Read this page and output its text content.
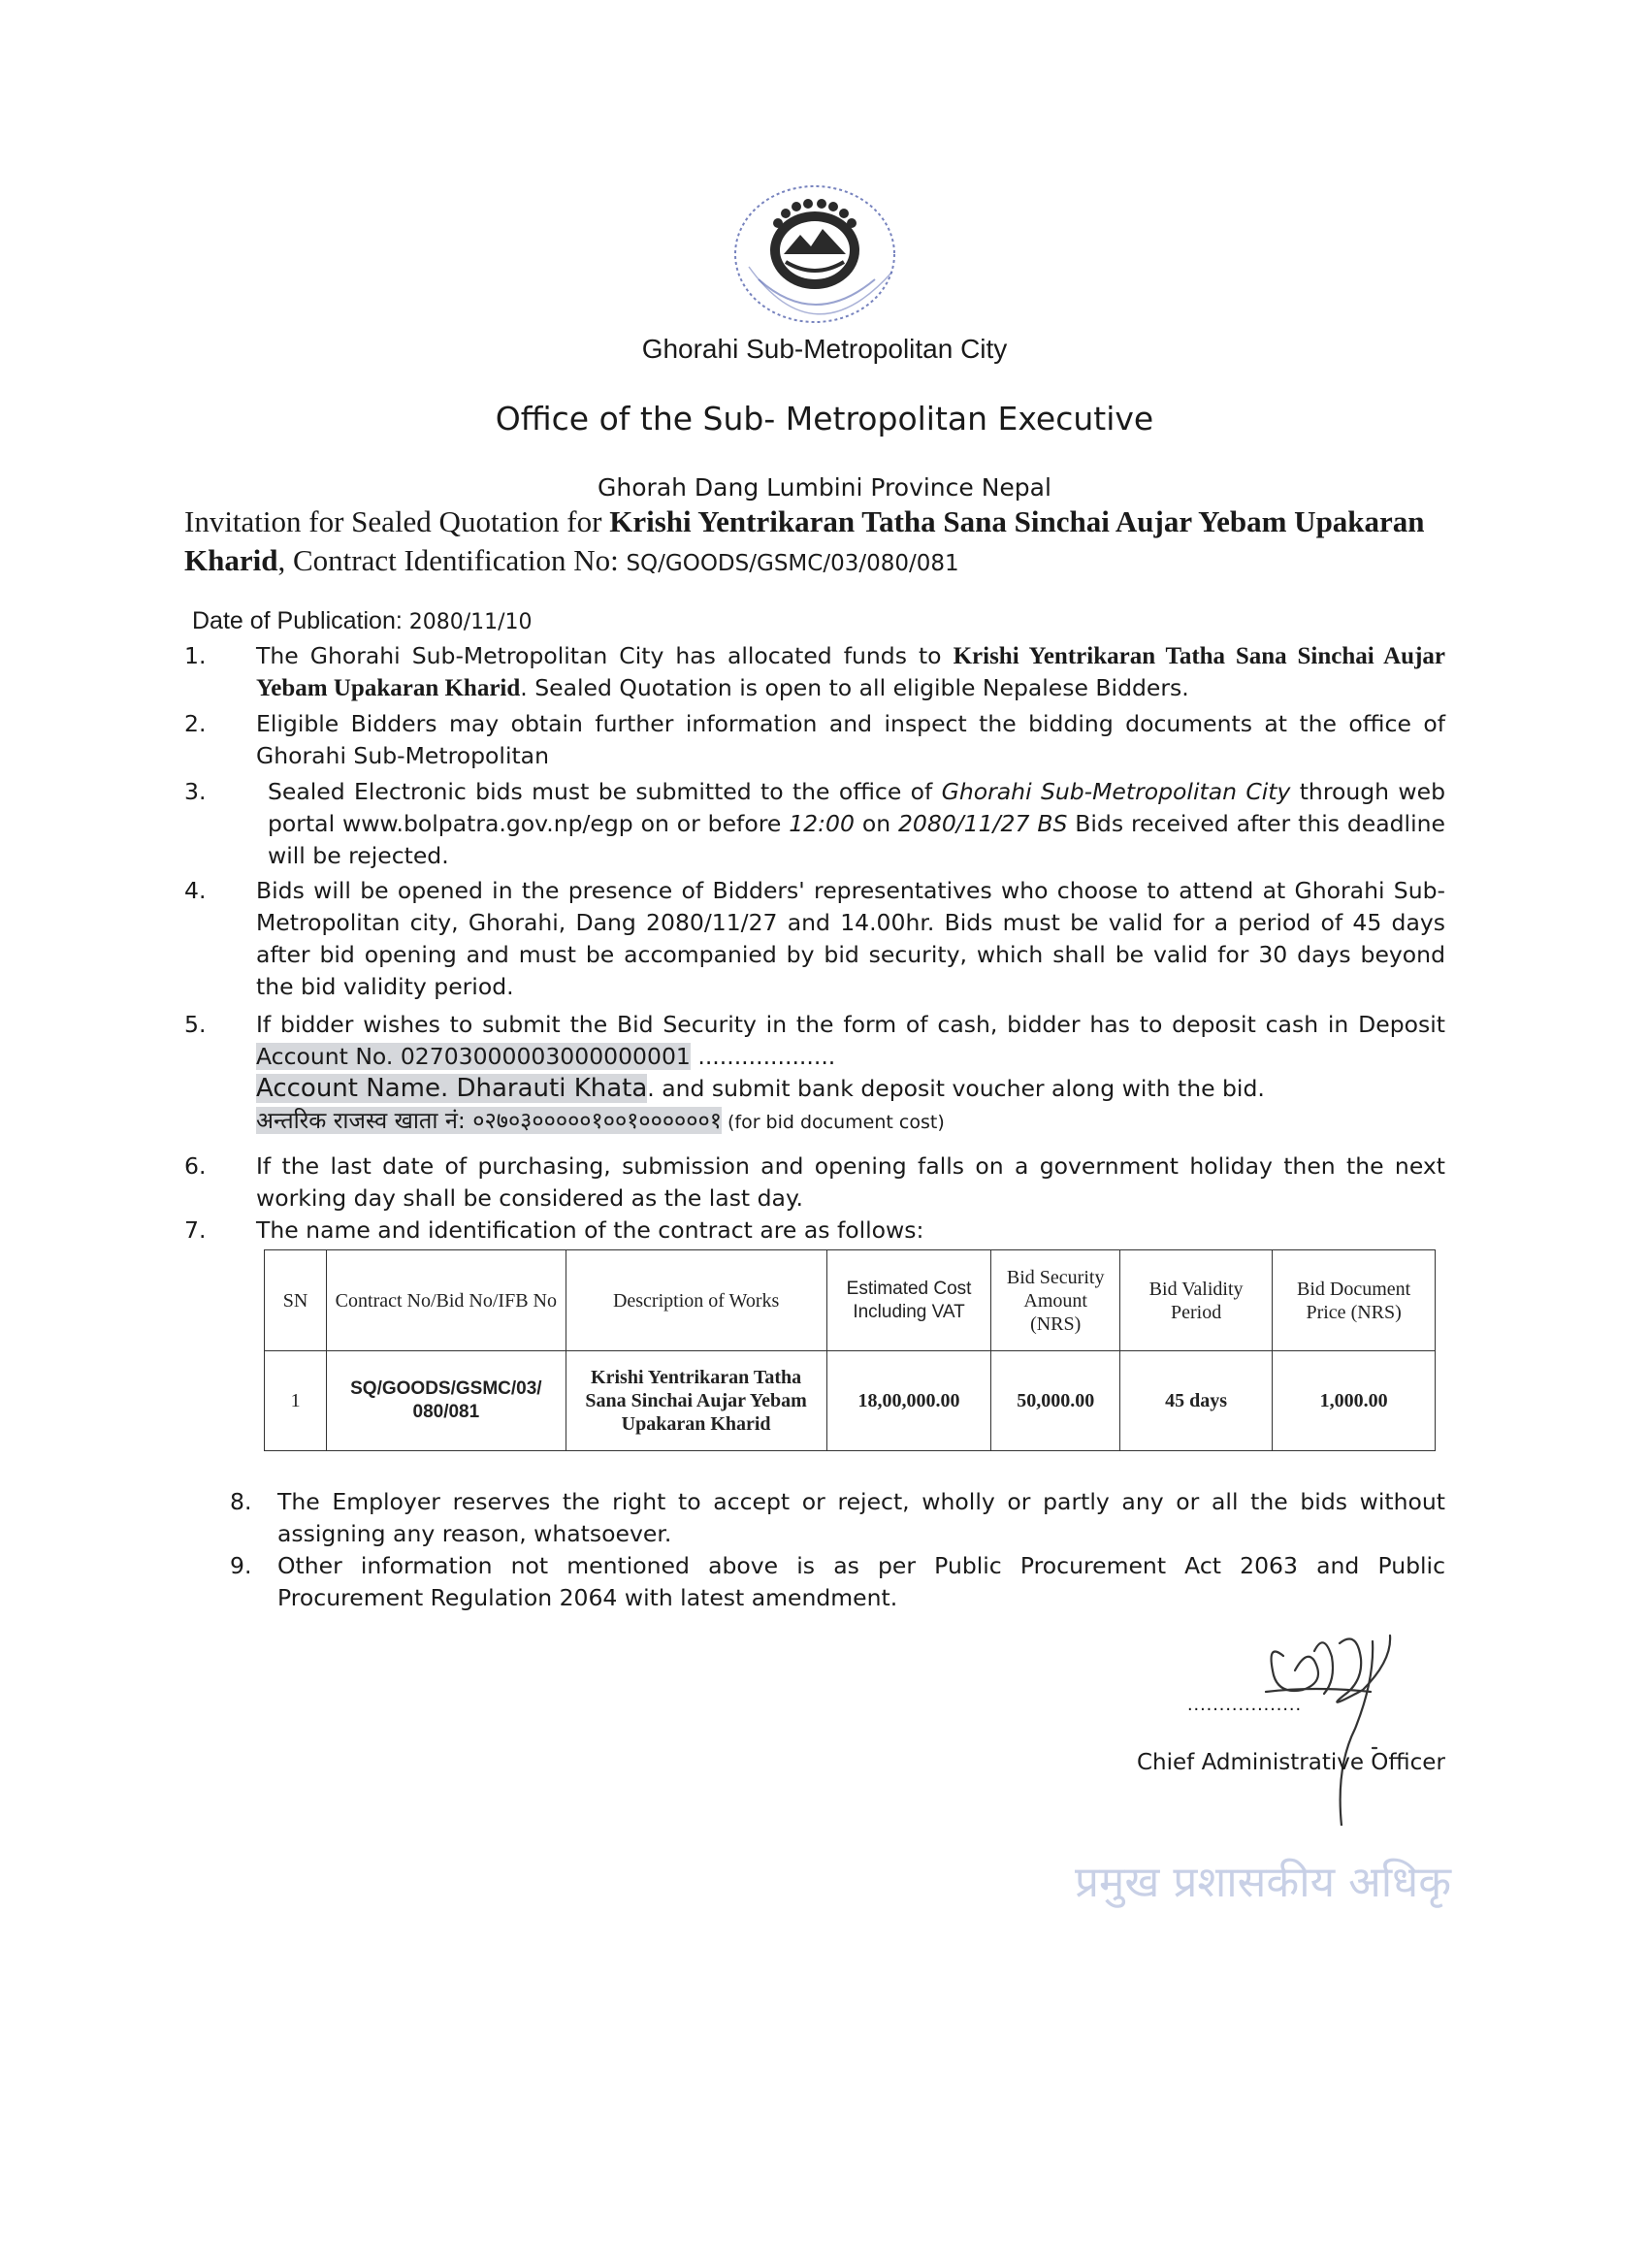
Ghorahi Sub-Metropolitan City
Office of the Sub- Metropolitan Executive
Ghorah Dang Lumbini Province Nepal
Invitation for Sealed Quotation for Krishi Yentrikaran Tatha Sana Sinchai Aujar Yebam Upakaran Kharid, Contract Identification No: SQ/GOODS/GSMC/03/080/081
Date of Publication: 2080/11/10
1. The Ghorahi Sub-Metropolitan City has allocated funds to Krishi Yentrikaran Tatha Sana Sinchai Aujar Yebam Upakaran Kharid. Sealed Quotation is open to all eligible Nepalese Bidders.
2. Eligible Bidders may obtain further information and inspect the bidding documents at the office of Ghorahi Sub-Metropolitan
3.	Sealed Electronic bids must be submitted to the office of Ghorahi Sub-Metropolitan City through web portal www.bolpatra.gov.np/egp on or before 12:00 on 2080/11/27 BS Bids received after this deadline will be rejected.
4. Bids will be opened in the presence of Bidders' representatives who choose to attend at Ghorahi Sub-Metropolitan city, Ghorahi, Dang 2080/11/27 and 14.00hr. Bids must be valid for a period of 45 days after bid opening and must be accompanied by bid security, which shall be valid for 30 days beyond the bid validity period.
5. If bidder wishes to submit the Bid Security in the form of cash, bidder has to deposit cash in Deposit Account No. 02703000003000000001 ...................
Account Name. Dharauti Khata. and submit bank deposit voucher along with the bid.
अन्तरिक राजस्व खाता नं: ०२७०३०००००१००१००००००१ (for bid document cost)
6. If the last date of purchasing, submission and opening falls on a government holiday then the next working day shall be considered as the last day.
7. The name and identification of the contract are as follows:
SN	Contract No/Bid No/IFB No	Description of Works	Estimated Cost Including VAT	Bid Security Amount (NRS)	Bid Validity Period	Bid Document Price (NRS)
1	SQ/GOODS/GSMC/03/ 080/081	Krishi Yentrikaran Tatha Sana Sinchai Aujar Yebam Upakaran Kharid	18,00,000.00	50,000.00	45 days	1,000.00
8. The Employer reserves the right to accept or reject, wholly or partly any or all the bids without assigning any reason, whatsoever.
9. Other information not mentioned above is as per Public Procurement Act 2063 and Public Procurement Regulation 2064 with latest amendment.
..................
Chief Administrative Officer
प्रमुख प्रशासकीय अधिकृ
